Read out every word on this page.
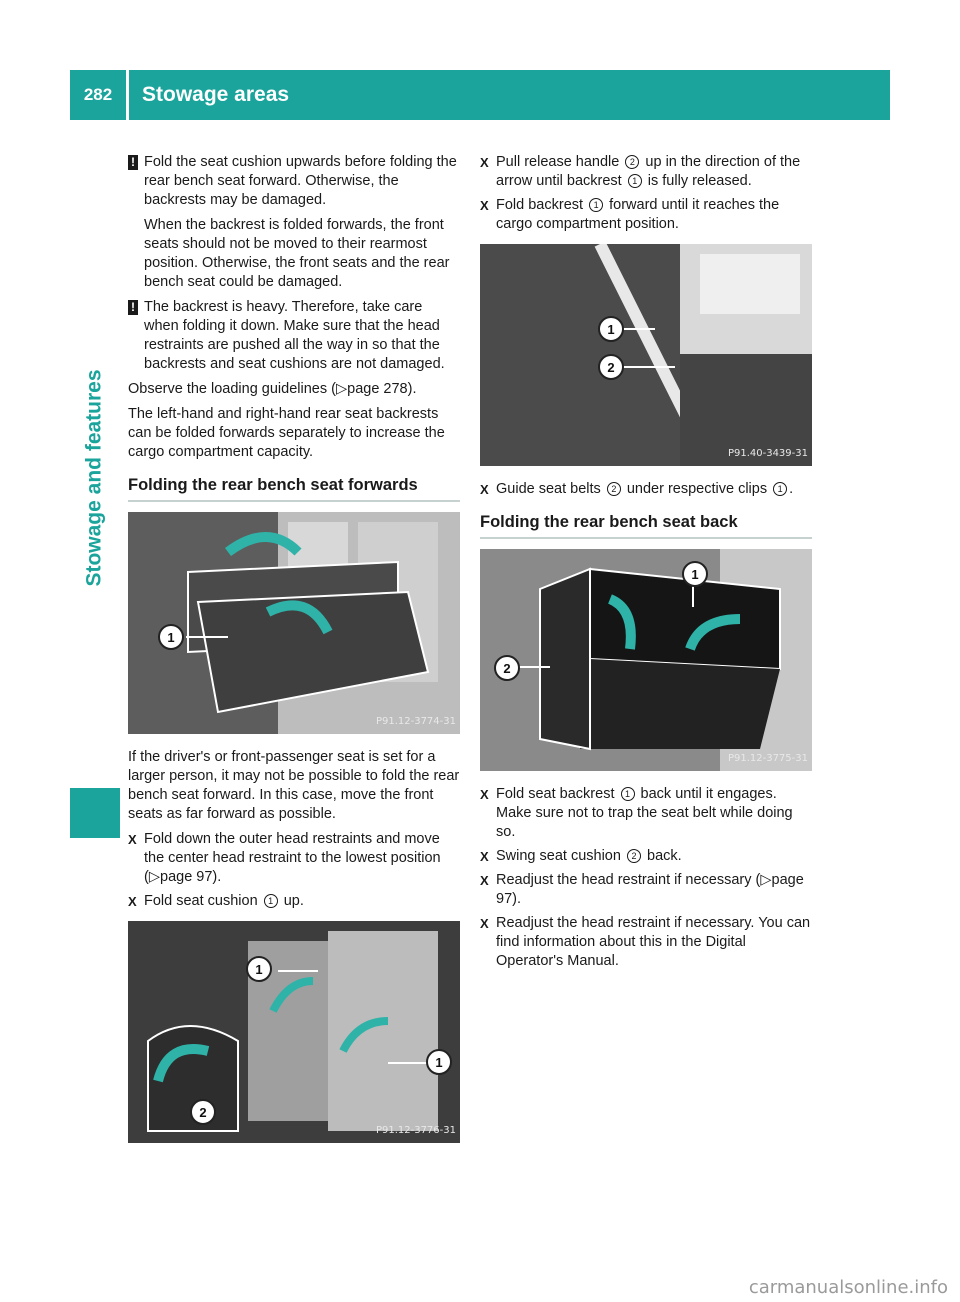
282	Stowage areas
Stowage and features
! Fold the seat cushion upwards before folding the rear bench seat forward. Otherwise, the backrests may be damaged.

When the backrest is folded forwards, the front seats should not be moved to their rearmost position. Otherwise, the front seats and the rear bench seat could be damaged.

! The backrest is heavy. Therefore, take care when folding it down. Make sure that the head restraints are pushed all the way in so that the backrests and seat cushions are not damaged.

Observe the loading guidelines (▷page 278).

The left-hand and right-hand rear seat backrests can be folded forwards separately to increase the cargo compartment capacity.

Folding the rear bench seat forwards
1
P91.12-3774-31

If the driver's or front-passenger seat is set for a larger person, it may not be possible to fold the rear bench seat forward. In this case, move the front seats as far forward as possible.

X Fold down the outer head restraints and move the center head restraint to the lowest position (▷page 97).
X Fold seat cushion 1 up.
1
1
2
P91.12-3776-31
X Pull release handle 2 up in the direction of the arrow until backrest 1 is fully released.
X Fold backrest 1 forward until it reaches the cargo compartment position.
1
2
P91.40-3439-31
X Guide seat belts 2 under respective clips 1 .
Folding the rear bench seat back
1
2
P91.12-3775-31
X Fold seat backrest 1 back until it engages. Make sure not to trap the seat belt while doing so.
X Swing seat cushion 2 back.
X Readjust the head restraint if necessary (▷page 97).
X Readjust the head restraint if necessary. You can find information about this in the Digital Operator's Manual.
carmanualsonline.info
